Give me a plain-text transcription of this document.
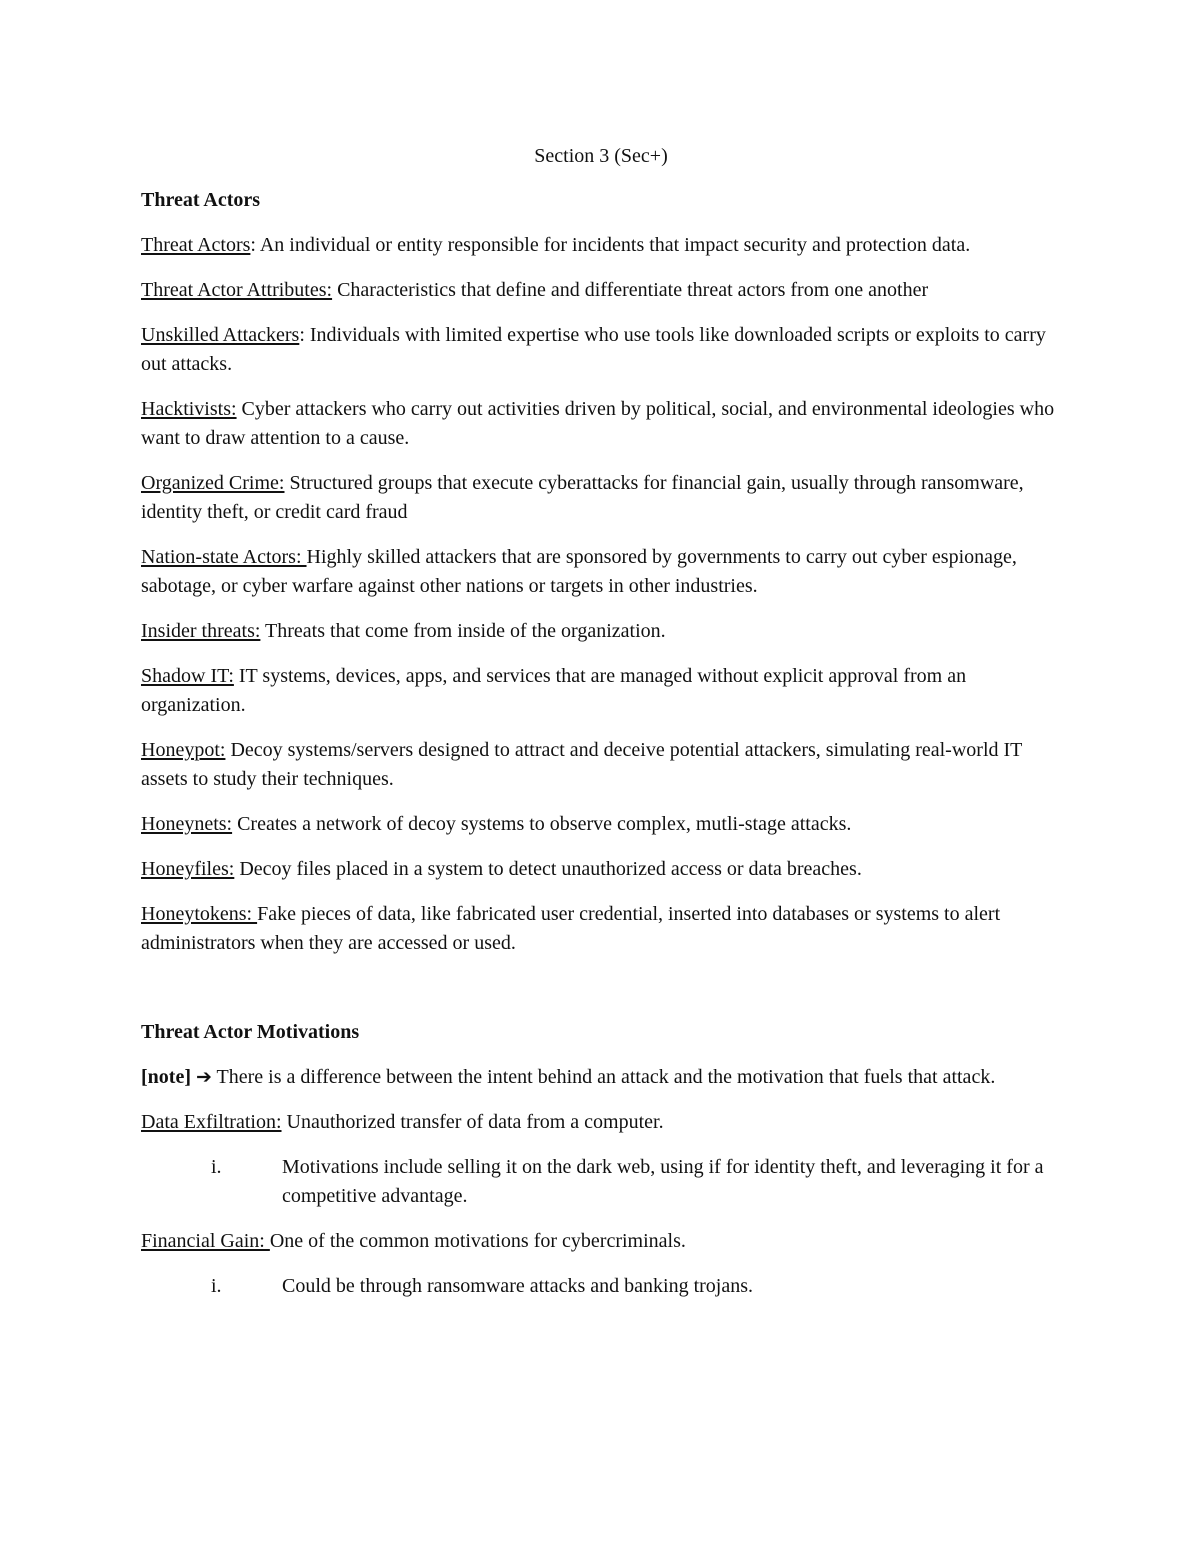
Section 3 (Sec+)
Threat Actors
Threat Actors: An individual or entity responsible for incidents that impact security and protection data.
Threat Actor Attributes: Characteristics that define and differentiate threat actors from one another
Unskilled Attackers: Individuals with limited expertise who use tools like downloaded scripts or exploits to carry out attacks.
Hacktivists: Cyber attackers who carry out activities driven by political, social, and environmental ideologies who want to draw attention to a cause.
Organized Crime: Structured groups that execute cyberattacks for financial gain, usually through ransomware, identity theft, or credit card fraud
Nation-state Actors: Highly skilled attackers that are sponsored by governments to carry out cyber espionage, sabotage, or cyber warfare against other nations or targets in other industries.
Insider threats: Threats that come from inside of the organization.
Shadow IT: IT systems, devices, apps, and services that are managed without explicit approval from an organization.
Honeypot: Decoy systems/servers designed to attract and deceive potential attackers, simulating real-world IT assets to study their techniques.
Honeynets: Creates a network of decoy systems to observe complex, mutli-stage attacks.
Honeyfiles: Decoy files placed in a system to detect unauthorized access or data breaches.
Honeytokens: Fake pieces of data, like fabricated user credential, inserted into databases or systems to alert administrators when they are accessed or used.
Threat Actor Motivations
[note] ➔ There is a difference between the intent behind an attack and the motivation that fuels that attack.
Data Exfiltration: Unauthorized transfer of data from a computer.
i.	Motivations include selling it on the dark web, using if for identity theft, and leveraging it for a competitive advantage.
Financial Gain: One of the common motivations for cybercriminals.
i.	Could be through ransomware attacks and banking trojans.
